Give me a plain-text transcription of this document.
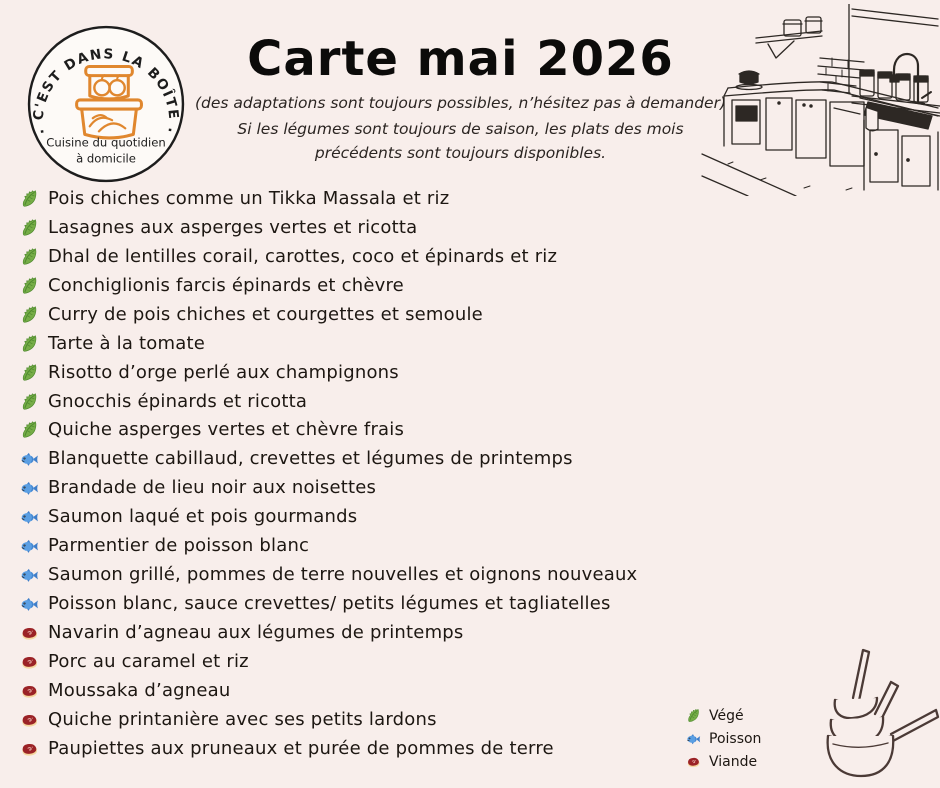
. C'EST DANS LA BOÎTE .
Cuisine du quotidien
à domicile
Carte mai 2026
(des adaptations sont toujours possibles, n’hésitez pas à demander)
Si les légumes sont toujours de saison, les plats des mois précédents sont toujours disponibles.
Pois chiches comme un Tikka Massala et riz
Lasagnes aux asperges vertes et ricotta
Dhal de lentilles corail, carottes, coco et épinards et riz
Conchiglionis farcis épinards et chèvre
Curry de pois chiches et courgettes et semoule
Tarte à la tomate
Risotto d’orge perlé aux champignons
Gnocchis épinards et ricotta
Quiche asperges vertes et chèvre frais
Blanquette cabillaud, crevettes et légumes de printemps
Brandade de lieu noir aux noisettes
Saumon laqué et pois gourmands
Parmentier de poisson blanc
Saumon grillé, pommes de terre nouvelles et oignons nouveaux
Poisson blanc, sauce crevettes/ petits légumes et tagliatelles
Navarin d’agneau aux légumes de printemps
Porc au caramel et riz
Moussaka d’agneau
Quiche printanière avec ses petits lardons
Paupiettes aux pruneaux et purée de pommes de terre
Végé
Poisson
Viande
